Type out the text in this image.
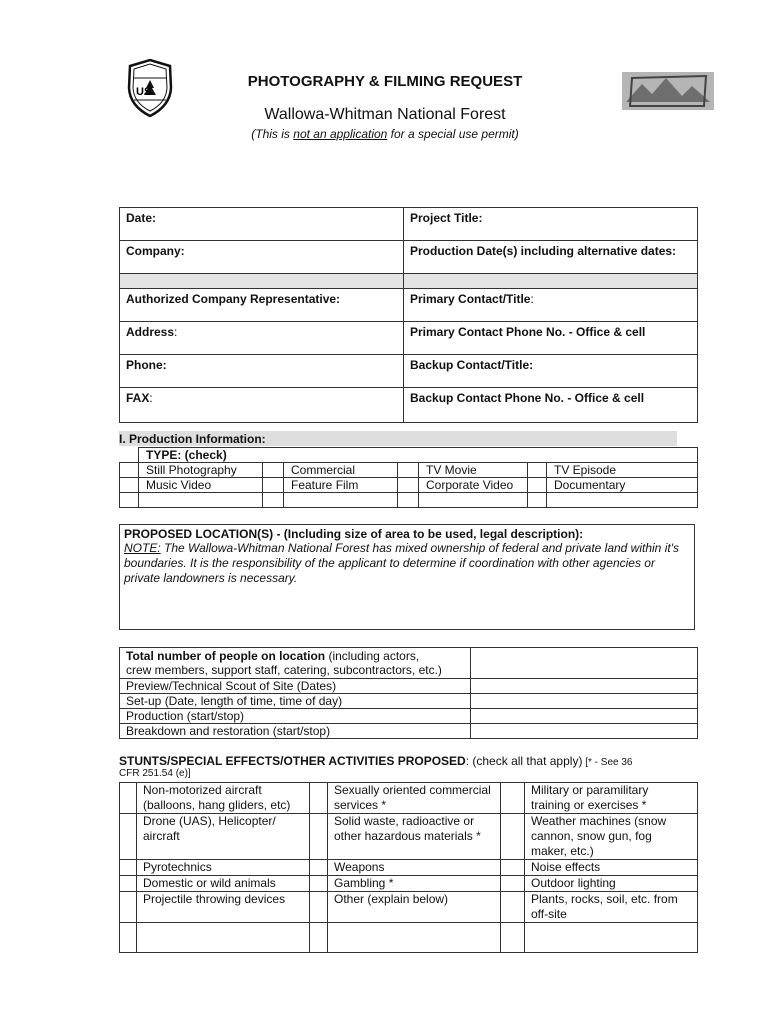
US
PHOTOGRAPHY & FILMING REQUEST
Wallowa-Whitman National Forest
(This is not an application for a special use permit)
Date:	Project Title:
Company:	Production Date(s) including alternative dates:

Authorized Company Representative:	Primary Contact/Title:
Address:	Primary Contact Phone No. - Office & cell
Phone:	Backup Contact/Title:
FAX:	Backup Contact Phone No. - Office & cell
I. Production Information:
	TYPE: (check)						
	Still Photography		Commercial		TV Movie		TV Episode
	Music Video		Feature Film		Corporate Video		Documentary

PROPOSED LOCATION(S) - (Including size of area to be used, legal description):
NOTE: The Wallowa-Whitman National Forest has mixed ownership of federal and private land within it's boundaries. It is the responsibility of the applicant to determine if coordination with other agencies or private landowners is necessary.
Total number of people on location (including actors,
crew members, support staff, catering, subcontractors, etc.)	
Preview/Technical Scout of Site (Dates)	
Set-up (Date, length of time, time of day)	
Production (start/stop)	
Breakdown and restoration (start/stop)	
STUNTS/SPECIAL EFFECTS/OTHER ACTIVITIES PROPOSED: (check all that apply) [* - See 36
CFR 251.54 (e)]
	Non-motorized aircraft (balloons, hang gliders, etc)		Sexually oriented commercial services *		Military or paramilitary training or exercises *
	Drone (UAS), Helicopter/ aircraft		Solid waste, radioactive or other hazardous materials *		Weather machines (snow cannon, snow gun, fog maker, etc.)
	Pyrotechnics		Weapons		Noise effects
	Domestic or wild animals		Gambling *		Outdoor lighting
	Projectile throwing devices		Other (explain below)		Plants, rocks, soil, etc. from off-site
